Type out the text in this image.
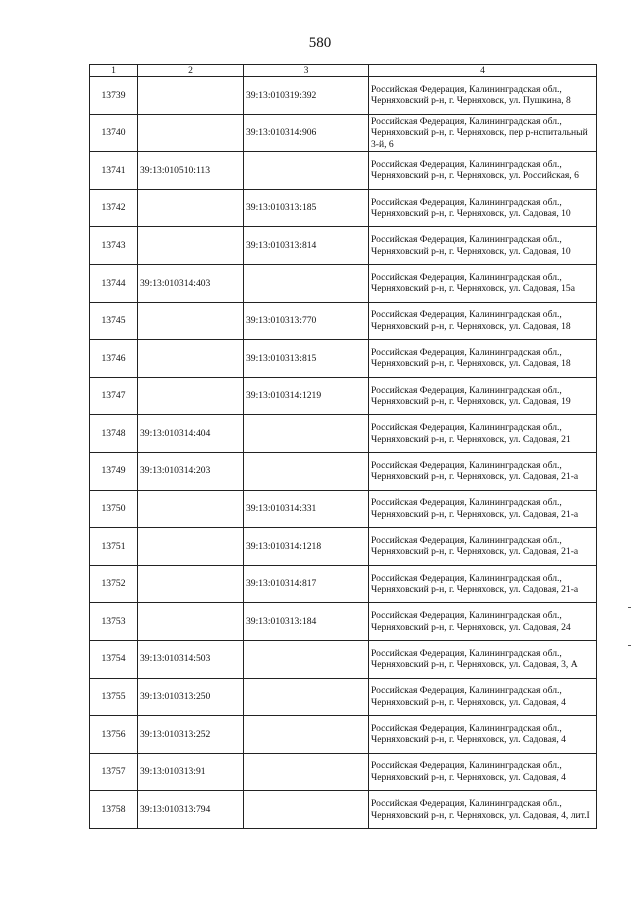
580
1	2	3	4
13739		39:13:010319:392	Российская Федерация, Калининградская обл., Черняховский р-н, г. Черняховск, ул. Пушкина, 8
13740		39:13:010314:906	Российская Федерация, Калининградская обл., Черняховский р-н, г. Черняховск, пер р-нспитальный 3-й, 6
13741	39:13:010510:113		Российская Федерация, Калининградская обл., Черняховский р-н, г. Черняховск, ул. Российская, 6
13742		39:13:010313:185	Российская Федерация, Калининградская обл., Черняховский р-н, г. Черняховск, ул. Садовая, 10
13743		39:13:010313:814	Российская Федерация, Калининградская обл., Черняховский р-н, г. Черняховск, ул. Садовая, 10
13744	39:13:010314:403		Российская Федерация, Калининградская обл., Черняховский р-н, г. Черняховск, ул. Садовая, 15а
13745		39:13:010313:770	Российская Федерация, Калининградская обл., Черняховский р-н, г. Черняховск, ул. Садовая, 18
13746		39:13:010313:815	Российская Федерация, Калининградская обл., Черняховский р-н, г. Черняховск, ул. Садовая, 18
13747		39:13:010314:1219	Российская Федерация, Калининградская обл., Черняховский р-н, г. Черняховск, ул. Садовая, 19
13748	39:13:010314:404		Российская Федерация, Калининградская обл., Черняховский р-н, г. Черняховск, ул. Садовая, 21
13749	39:13:010314:203		Российская Федерация, Калининградская обл., Черняховский р-н, г. Черняховск, ул. Садовая, 21-а
13750		39:13:010314:331	Российская Федерация, Калининградская обл., Черняховский р-н, г. Черняховск, ул. Садовая, 21-а
13751		39:13:010314:1218	Российская Федерация, Калининградская обл., Черняховский р-н, г. Черняховск, ул. Садовая, 21-а
13752		39:13:010314:817	Российская Федерация, Калининградская обл., Черняховский р-н, г. Черняховск, ул. Садовая, 21-а
13753		39:13:010313:184	Российская Федерация, Калининградская обл., Черняховский р-н, г. Черняховск, ул. Садовая, 24
13754	39:13:010314:503		Российская Федерация, Калининградская обл., Черняховский р-н, г. Черняховск, ул. Садовая, 3, А
13755	39:13:010313:250		Российская Федерация, Калининградская обл., Черняховский р-н, г. Черняховск, ул. Садовая, 4
13756	39:13:010313:252		Российская Федерация, Калининградская обл., Черняховский р-н, г. Черняховск, ул. Садовая, 4
13757	39:13:010313:91		Российская Федерация, Калининградская обл., Черняховский р-н, г. Черняховск, ул. Садовая, 4
13758	39:13:010313:794		Российская Федерация, Калининградская обл., Черняховский р-н, г. Черняховск, ул. Садовая, 4, лит.I
